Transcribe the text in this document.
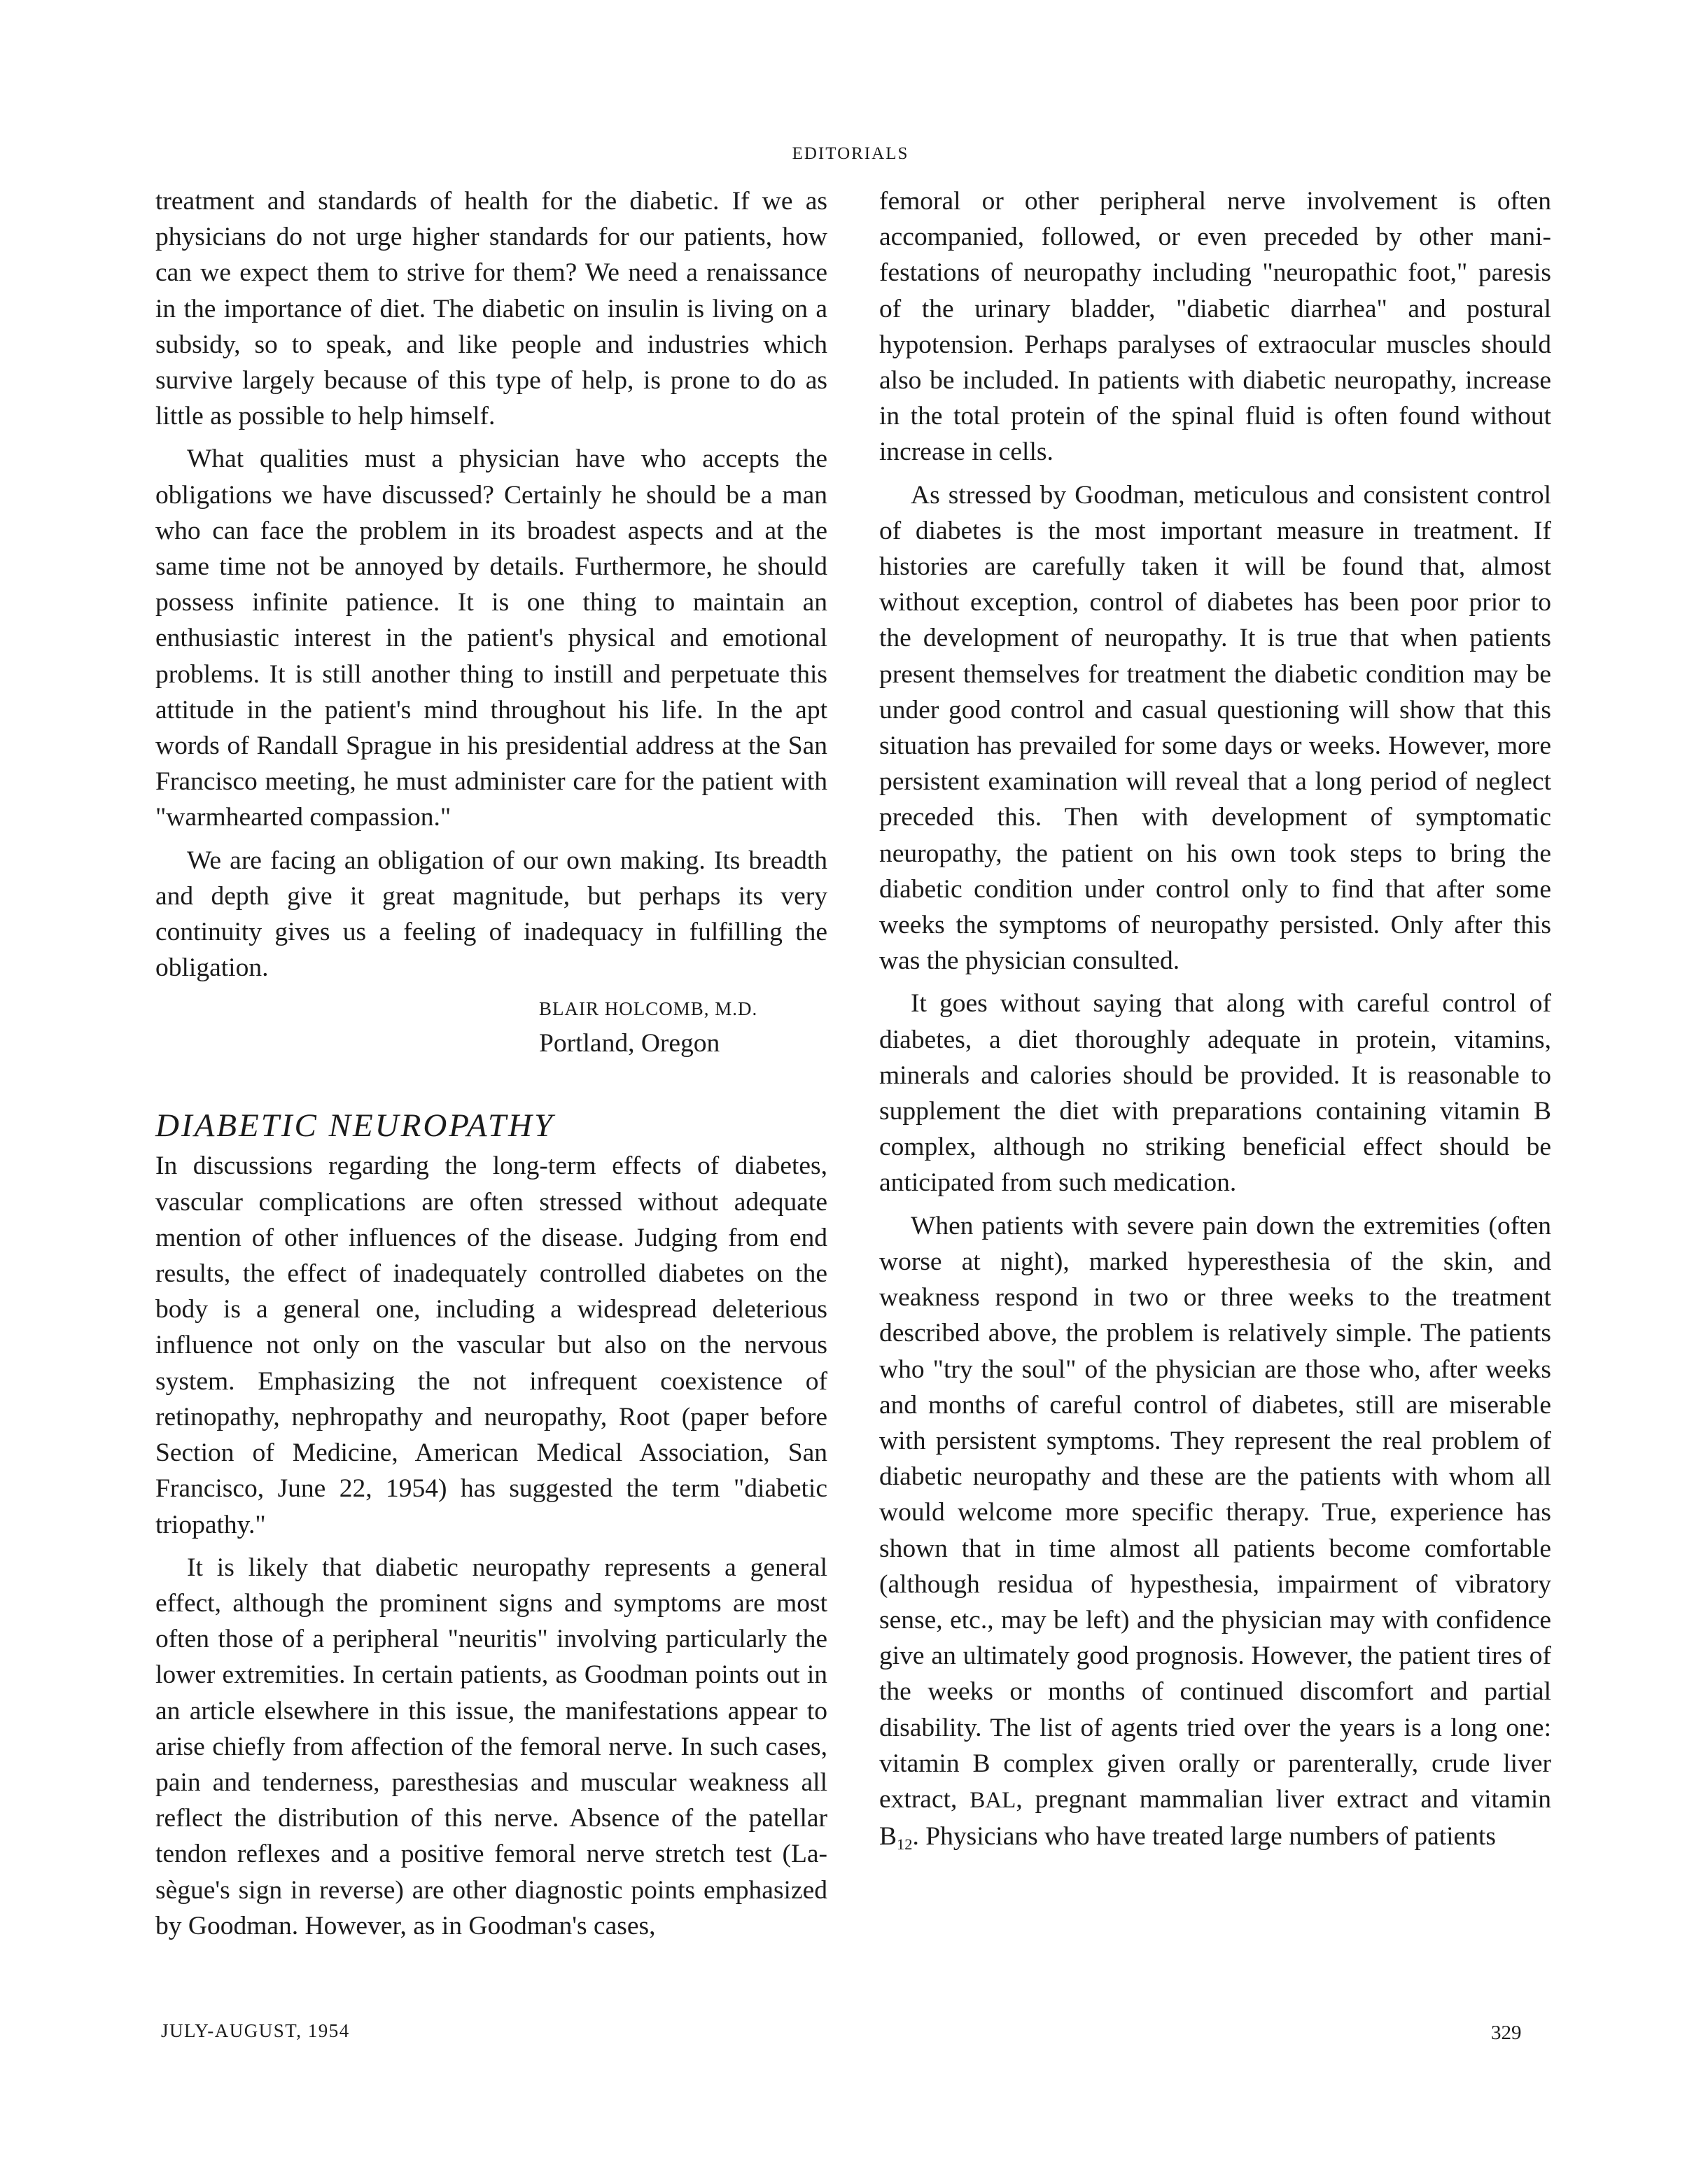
EDITORIALS

treatment and standards of health for the diabetic. If we as physicians do not urge higher standards for our patients, how can we expect them to strive for them? We need a renaissance in the importance of diet. The diabetic on insulin is living on a subsidy, so to speak, and like people and industries which survive largely because of this type of help, is prone to do as little as possible to help himself.

What qualities must a physician have who accepts the obligations we have discussed? Certainly he should be a man who can face the problem in its broadest aspects and at the same time not be annoyed by details. Furthermore, he should possess infinite patience. It is one thing to maintain an enthusiastic interest in the patient's physical and emotional problems. It is still another thing to instill and perpetuate this attitude in the patient's mind throughout his life. In the apt words of Randall Sprague in his presidential address at the San Francisco meeting, he must administer care for the patient with "warmhearted compassion."

We are facing an obligation of our own making. Its breadth and depth give it great magnitude, but perhaps its very continuity gives us a feeling of inadequacy in fulfilling the obligation.

BLAIR HOLCOMB, M.D.
Portland, Oregon
DIABETIC NEUROPATHY

In discussions regarding the long-term effects of diabetes, vascular complications are often stressed without adequate mention of other influences of the disease. Judging from end results, the effect of inadequately controlled diabetes on the body is a general one, including a widespread deleterious influence not only on the vascular but also on the nervous system. Emphasizing the not infrequent coexistence of retinopathy, nephropathy and neuropathy, Root (paper before Section of Medicine, American Medical Association, San Francisco, June 22, 1954) has suggested the term "diabetic triopathy."

It is likely that diabetic neuropathy represents a general effect, although the prominent signs and symptoms are most often those of a peripheral "neuritis" involving particularly the lower extremities. In certain patients, as Goodman points out in an article elsewhere in this issue, the manifestations appear to arise chiefly from affection of the femoral nerve. In such cases, pain and tenderness, paresthesias and muscular weakness all reflect the distribution of this nerve. Absence of the patellar tendon reflexes and a positive femoral nerve stretch test (Lasègue's sign in reverse) are other diagnostic points emphasized by Goodman. However, as in Goodman's cases,

femoral or other peripheral nerve involvement is often accompanied, followed, or even preceded by other manifestations of neuropathy including "neuropathic foot," paresis of the urinary bladder, "diabetic diarrhea" and postural hypotension. Perhaps paralyses of extraocular muscles should also be included. In patients with diabetic neuropathy, increase in the total protein of the spinal fluid is often found without increase in cells.

As stressed by Goodman, meticulous and consistent control of diabetes is the most important measure in treatment. If histories are carefully taken it will be found that, almost without exception, control of diabetes has been poor prior to the development of neuropathy. It is true that when patients present themselves for treatment the diabetic condition may be under good control and casual questioning will show that this situation has prevailed for some days or weeks. However, more persistent examination will reveal that a long period of neglect preceded this. Then with development of symptomatic neuropathy, the patient on his own took steps to bring the diabetic condition under control only to find that after some weeks the symptoms of neuropathy persisted. Only after this was the physician consulted.

It goes without saying that along with careful control of diabetes, a diet thoroughly adequate in protein, vitamins, minerals and calories should be provided. It is reasonable to supplement the diet with preparations containing vitamin B complex, although no striking beneficial effect should be anticipated from such medication.

When patients with severe pain down the extremities (often worse at night), marked hyperesthesia of the skin, and weakness respond in two or three weeks to the treatment described above, the problem is relatively simple. The patients who "try the soul" of the physician are those who, after weeks and months of careful control of diabetes, still are miserable with persistent symptoms. They represent the real problem of diabetic neuropathy and these are the patients with whom all would welcome more specific therapy. True, experience has shown that in time almost all patients become comfortable (although residua of hypesthesia, impairment of vibratory sense, etc., may be left) and the physician may with confidence give an ultimately good prognosis. However, the patient tires of the weeks or months of continued discomfort and partial disability. The list of agents tried over the years is a long one: vitamin B complex given orally or parenterally, crude liver extract, BAL, pregnant mammalian liver extract and vitamin $B_{12}$. Physicians who have treated large numbers of patients

JULY-AUGUST, 1954	329
